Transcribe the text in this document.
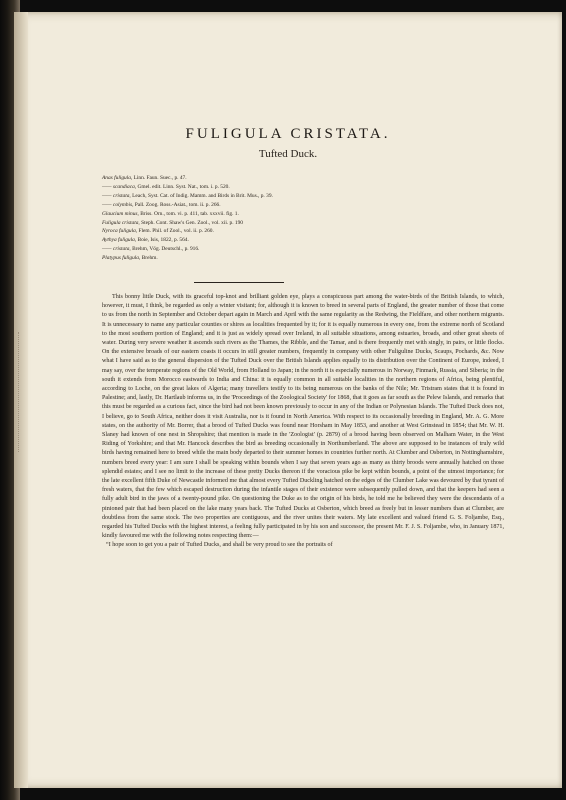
FULIGULA CRISTATA.
Tufted Duck.
Anas fuligula, Linn. Faun. Suec., p. 47.
—— scandiaca, Gmel. edit. Linn. Syst. Nat., tom. i. p. 520.
—— cristata, Leach, Syst. Cat. of Indig. Mamm. and Birds in Brit. Mus., p. 39.
—— colymbis, Pall. Zoog. Ross.-Asiat., tom. ii. p. 266.
Glaucium minus, Briss. Orn., tom. vi. p. 411, tab. xxxvii. fig. 1.
Fuligula cristata, Steph. Cont. Shaw's Gen. Zool., vol. xii. p. 190
Nyroca fuligula, Flem. Phil. of Zool., vol. ii. p. 260.
Aythya fuligula, Boie, Isis, 1822, p. 564.
—— cristata, Brehm, Vög. Deutschl., p. 916.
Platypus fuligula, Brehm.

This bonny little Duck, with its graceful top-knot and brilliant golden eye, plays a conspicuous part among the water-birds of the British Islands, to which, however, it must, I think, be regarded as only a winter visitant; for, although it is known to breed in several parts of England, the greater number of those that come to us from the north in September and October depart again in March and April with the same regularity as the Redwing, the Fieldfare, and other northern migrants. It is unnecessary to name any particular counties or shires as localities frequented by it; for it is equally numerous in every one, from the extreme north of Scotland to the most southern portion of England; and it is just as widely spread over Ireland, in all suitable situations, among estuaries, broads, and other great sheets of water. During very severe weather it ascends such rivers as the Thames, the Ribble, and the Tamar, and is there frequently met with singly, in pairs, or little flocks. On the extensive broads of our eastern coasts it occurs in still greater numbers, frequently in company with other Fuliguline Ducks, Scaups, Pochards, &c. Now what I have said as to the general dispersion of the Tufted Duck over the British Islands applies equally to its distribution over the Continent of Europe, indeed, I may say, over the temperate regions of the Old World, from Holland to Japan; in the north it is especially numerous in Norway, Finmark, Russia, and Siberia; in the south it extends from Morocco eastwards to India and China: it is equally common in all suitable localities in the northern regions of Africa, being plentiful, according to Loche, on the great lakes of Algeria; many travellers testify to its being numerous on the banks of the Nile; Mr. Tristram states that it is found in Palestine; and, lastly, Dr. Hartlaub informs us, in the 'Proceedings of the Zoological Society' for 1868, that it goes as far south as the Pelew Islands, and remarks that this must be regarded as a curious fact, since the bird had not been known previously to occur in any of the Indian or Polynesian Islands. The Tufted Duck does not, I believe, go to South Africa, neither does it visit Australia, nor is it found in North America. With respect to its occasionally breeding in England, Mr. A. G. More states, on the authority of Mr. Borrer, that a brood of Tufted Ducks was found near Horsham in May 1853, and another at West Grinstead in 1854; that Mr. W. H. Slaney had known of one nest in Shropshire; that mention is made in the 'Zoologist' (p. 2879) of a brood having been observed on Malham Water, in the West Riding of Yorkshire; and that Mr. Hancock describes the bird as breeding occasionally in Northumberland. The above are supposed to be instances of truly wild birds having remained here to breed while the main body departed to their summer homes in countries further north. At Clumber and Osberton, in Nottinghamshire, numbers breed every year: I am sure I shall be speaking within bounds when I say that seven years ago as many as thirty broods were annually hatched on those splendid estates; and I see no limit to the increase of these pretty Ducks thereon if the voracious pike be kept within bounds, a point of the utmost importance; for the late excellent fifth Duke of Newcastle informed me that almost every Tufted Duckling hatched on the edges of the Clumber Lake was devoured by that tyrant of fresh waters, that the few which escaped destruction during the infantile stages of their existence were subsequently pulled down, and that the keepers had seen a fully adult bird in the jaws of a twenty-pound pike. On questioning the Duke as to the origin of his birds, he told me he believed they were the descendants of a pinioned pair that had been placed on the lake many years back. The Tufted Ducks at Osberton, which breed as freely but in lesser numbers than at Clumber, are doubtless from the same stock. The two properties are contiguous, and the river unites their waters. My late excellent and valued friend G. S. Foljambe, Esq., regarded his Tufted Ducks with the highest interest, a feeling fully participated in by his son and successor, the present Mr. F. J. S. Foljambe, who, in January 1871, kindly favoured me with the following notes respecting them:—

“I hope soon to get you a pair of Tufted Ducks, and shall be very proud to see the portraits of
